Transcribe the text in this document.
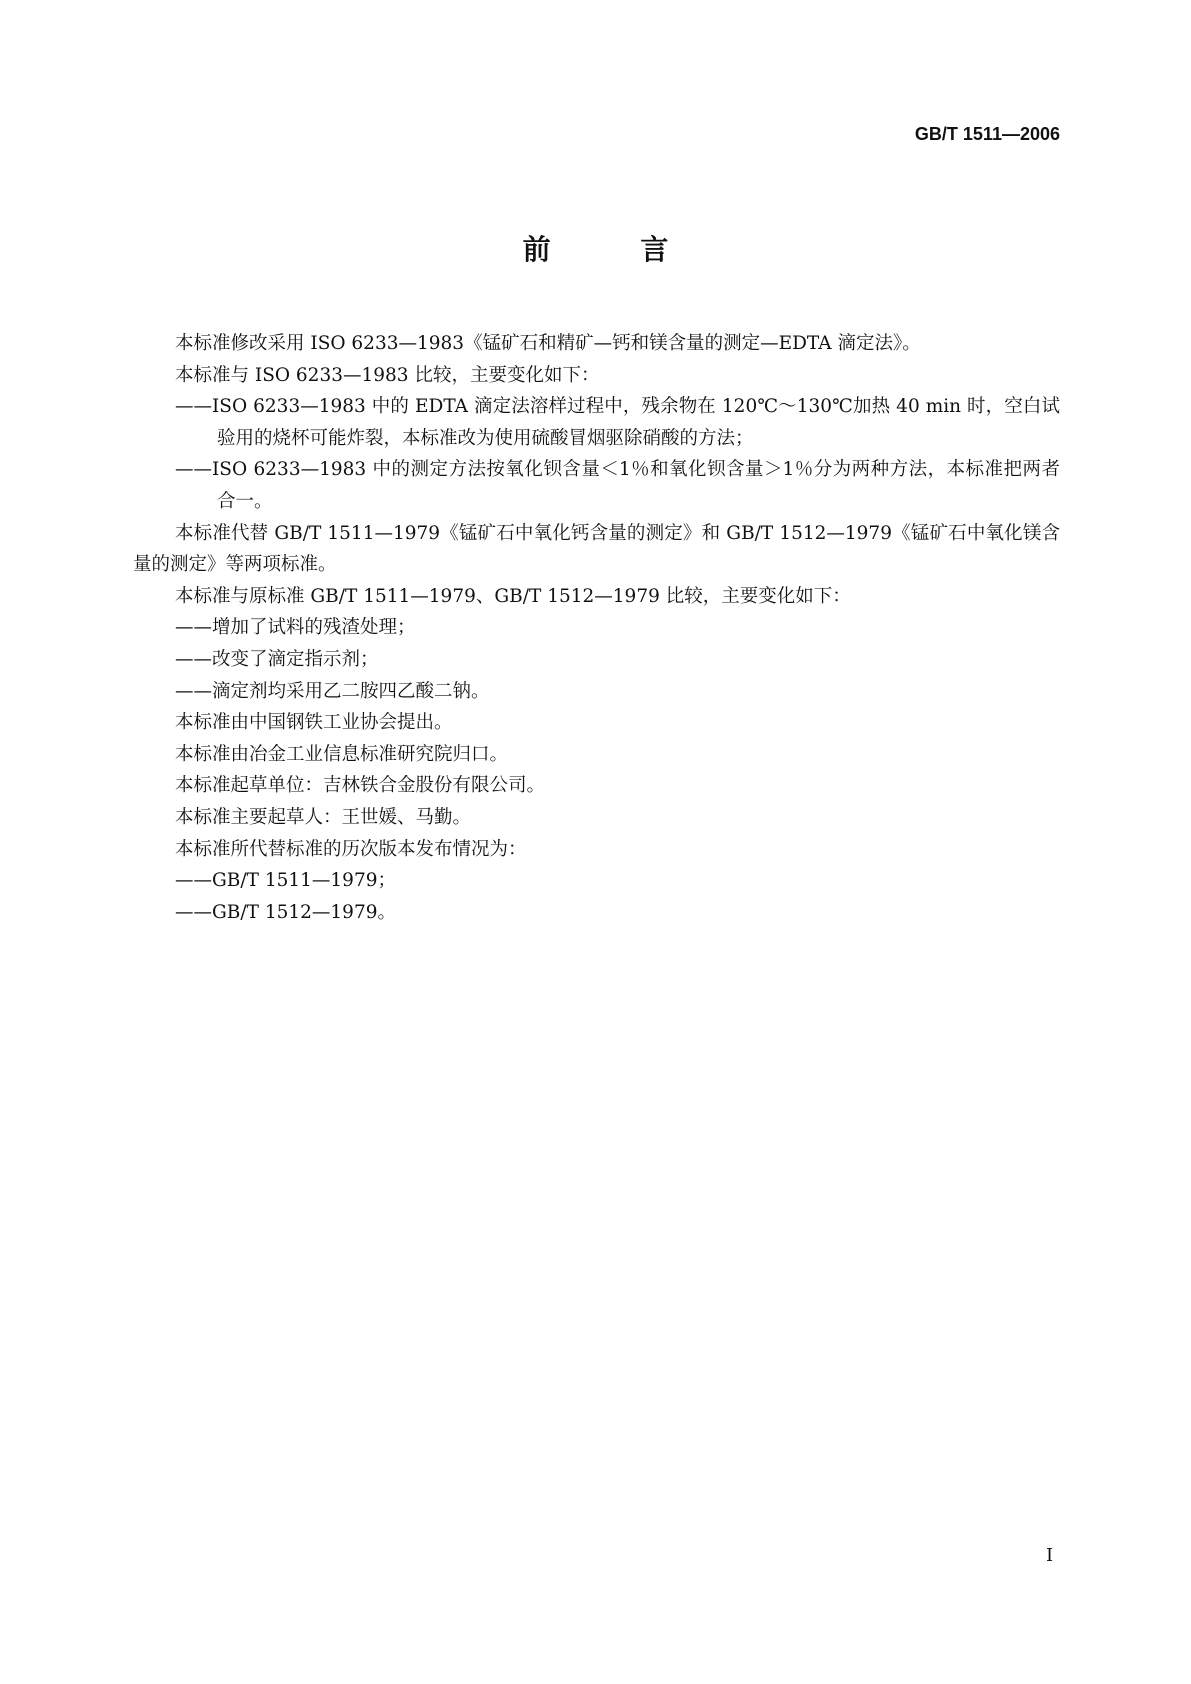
GB/T 1511—2006
前 言

本标准修改采用 ISO 6233—1983《锰矿石和精矿—钙和镁含量的测定—EDTA 滴定法》。

本标准与 ISO 6233—1983 比较，主要变化如下：

——ISO 6233—1983 中的 EDTA 滴定法溶样过程中，残余物在 120℃～130℃加热 40 min 时，空白试验用的烧杯可能炸裂，本标准改为使用硫酸冒烟驱除硝酸的方法；

——ISO 6233—1983 中的测定方法按氧化钡含量＜1％和氧化钡含量＞1％分为两种方法，本标准把两者合一。

本标准代替 GB/T 1511—1979《锰矿石中氧化钙含量的测定》和 GB/T 1512—1979《锰矿石中氧化镁含量的测定》等两项标准。

本标准与原标准 GB/T 1511—1979、GB/T 1512—1979 比较，主要变化如下：

——增加了试料的残渣处理；

——改变了滴定指示剂；

——滴定剂均采用乙二胺四乙酸二钠。

本标准由中国钢铁工业协会提出。

本标准由冶金工业信息标准研究院归口。

本标准起草单位：吉林铁合金股份有限公司。

本标准主要起草人：王世媛、马勤。

本标准所代替标准的历次版本发布情况为：

——GB/T 1511—1979；

——GB/T 1512—1979。

I
